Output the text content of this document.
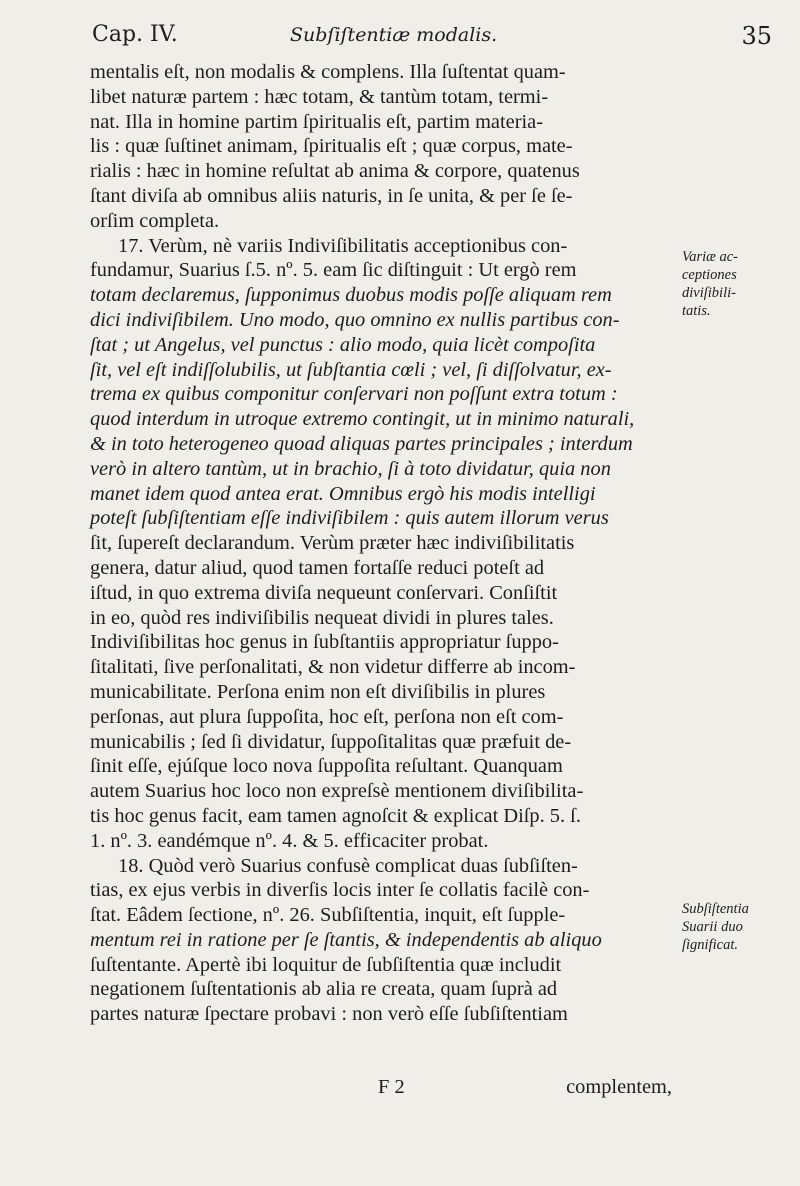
Cap. IV.	Subſiſtentiæ modalis.	35
mentalis eſt, non modalis & complens. Illa ſuſtentat quam-
libet naturæ partem : hæc totam, & tantùm totam, termi-
nat. Illa in homine partim ſpiritualis eſt, partim materia-
lis : quæ ſuſtinet animam, ſpiritualis eſt ; quæ corpus, mate-
rialis : hæc in homine reſultat ab anima & corpore, quatenus
ſtant diviſa ab omnibus aliis naturis, in ſe unita, & per ſe ſe-
orſim completa.
17. Verùm, nè variis Indiviſibilitatis acceptionibus con-
fundamur, Suarius ſ.5. nº. 5. eam ſic diſtinguit : Ut ergò rem
totam declaremus, ſupponimus duobus modis poſſe aliquam rem
dici indiviſibilem. Uno modo, quo omnino ex nullis partibus con-
ſtat ; ut Angelus, vel punctus : alio modo, quia licèt compoſita
ſit, vel eſt indiſſolubilis, ut ſubſtantia cœli ; vel, ſi diſſolvatur, ex-
trema ex quibus componitur conſervari non poſſunt extra totum :
quod interdum in utroque extremo contingit, ut in minimo naturali,
& in toto heterogeneo quoad aliquas partes principales ; interdum
verò in altero tantùm, ut in brachio, ſi à toto dividatur, quia non
manet idem quod antea erat. Omnibus ergò his modis intelligi
poteſt ſubſiſtentiam eſſe indiviſibilem : quis autem illorum verus
ſit, ſupereſt declarandum. Verùm præter hæc indiviſibilitatis
genera, datur aliud, quod tamen fortaſſe reduci poteſt ad
iſtud, in quo extrema diviſa nequeunt conſervari. Conſiſtit
in eo, quòd res indiviſibilis nequeat dividi in plures tales.
Indiviſibilitas hoc genus in ſubſtantiis appropriatur ſuppo-
ſitalitati, ſive perſonalitati, & non videtur differre ab incom-
municabilitate. Perſona enim non eſt diviſibilis in plures
perſonas, aut plura ſuppoſita, hoc eſt, perſona non eſt com-
municabilis ; ſed ſi dividatur, ſuppoſitalitas quæ præfuit de-
ſinit eſſe, ejúſque loco nova ſuppoſita reſultant. Quanquam
autem Suarius hoc loco non expreſsè mentionem diviſibilita-
tis hoc genus facit, eam tamen agnoſcit & explicat Diſp. 5. ſ.
1. nº. 3. eandémque nº. 4. & 5. efficaciter probat.
18. Quòd verò Suarius confusè complicat duas ſubſiſten-
tias, ex ejus verbis in diverſis locis inter ſe collatis facilè con-
ſtat. Eâdem ſectione, nº. 26. Subſiſtentia, inquit, eſt ſupple-
mentum rei in ratione per ſe ſtantis, & independentis ab aliquo
ſuſtentante. Apertè ibi loquitur de ſubſiſtentia quæ includit
negationem ſuſtentationis ab alia re creata, quam ſuprà ad
partes naturæ ſpectare probavi : non verò eſſe ſubſiſtentiam
Variæ ac-
ceptiones
diviſibili-
tatis.
Subſiſtentia
Suarii duo
ſignificat.
F 2	complentem,
